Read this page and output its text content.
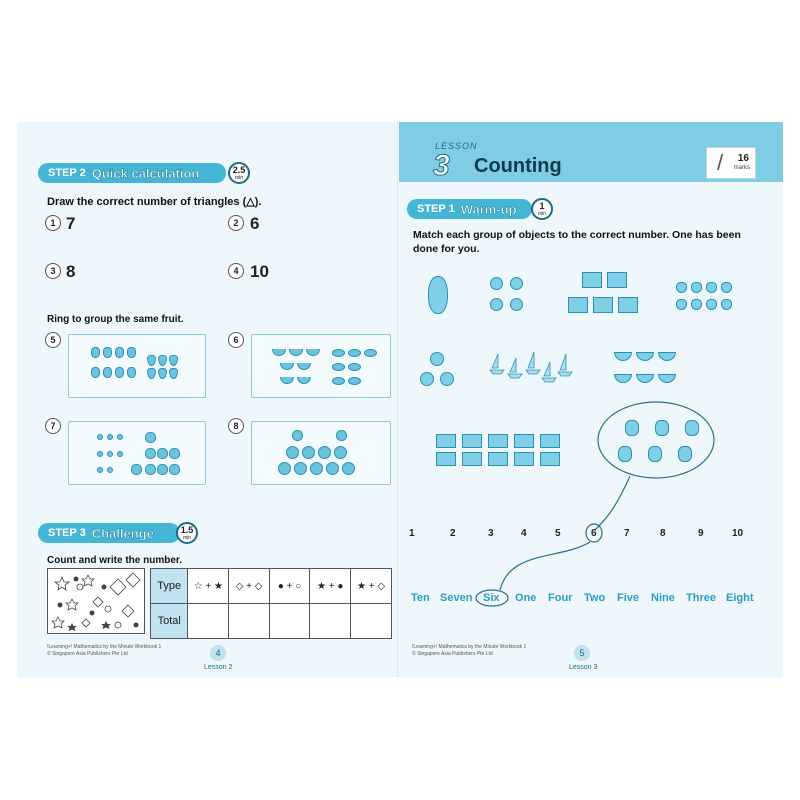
LESSON
3 Counting	/ 16
marks
STEP 2 Quick calculation	2.5
min
Draw the correct number of triangles (△).
1 7	2 6
3 8	4 10
Ring to group the same fruit.
5	6
7	8
STEP 3 Challenge	1.5
min
Count and write the number.
Type	☆ + ★	◇ + ◇	● + ○	★ + ●	★ + ◇
Total					
!Learning+! Mathematics by the Minute Workbook 1
© Singapore Asia Publishers Pte Ltd	4
Lesson 2
STEP 1 Warm-up	1
min
Match each group of objects to the correct number. One has been
done for you.
1	2	3	4	5	6	7	8	9	10
Ten Seven Six One Four Two Five Nine Three Eight
!Learning+! Mathematics by the Minute Workbook 1
© Singapore Asia Publishers Pte Ltd	5
Lesson 3
